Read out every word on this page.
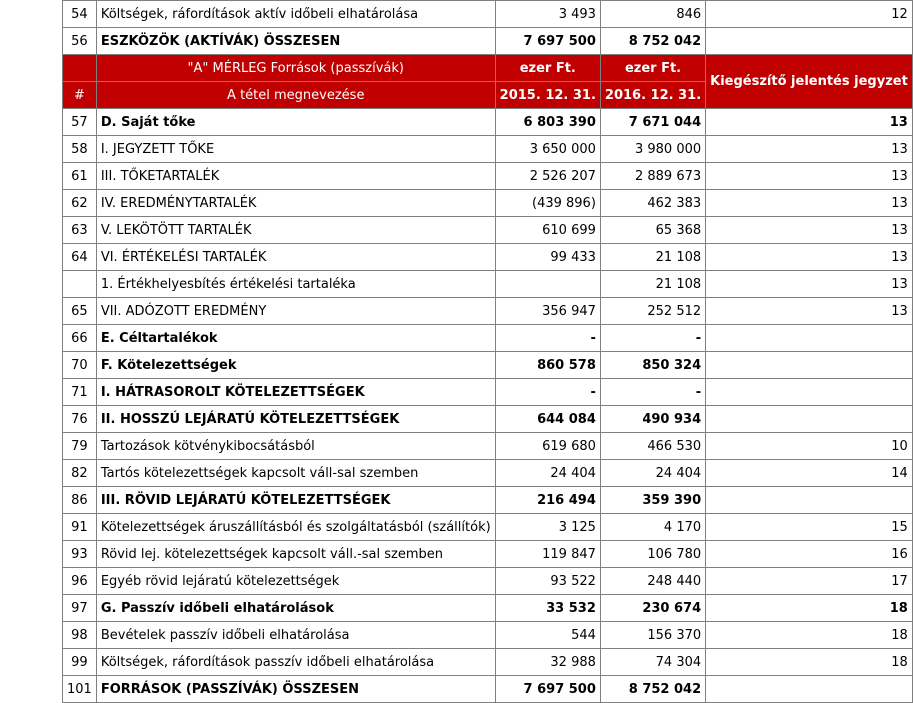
54	Költségek, ráfordítások aktív időbeli elhatárolása	3 493	846	12
56	ESZKÖZÖK (AKTÍVÁK) ÖSSZESEN	7 697 500	8 752 042	
	"A" MÉRLEG Források (passzívák)	ezer Ft.	ezer Ft.	Kiegészítő jelentés jegyzet
#	A tétel megnevezése	2015. 12. 31.	2016. 12. 31.	
57	D. Saját tőke	6 803 390	7 671 044	13
58	I. JEGYZETT TŐKE	3 650 000	3 980 000	13
61	III. TŐKETARTALÉK	2 526 207	2 889 673	13
62	IV. EREDMÉNYTARTALÉK	(439 896)	462 383	13
63	V. LEKÖTÖTT TARTALÉK	610 699	65 368	13
64	VI. ÉRTÉKELÉSI TARTALÉK	99 433	21 108	13
	1. Értékhelyesbítés értékelési tartaléka		21 108	13
65	VII. ADÓZOTT EREDMÉNY	356 947	252 512	13
66	E. Céltartalékok	-	-	
70	F. Kötelezettségek	860 578	850 324	
71	I. HÁTRASOROLT KÖTELEZETTSÉGEK	-	-	
76	II. HOSSZÚ LEJÁRATÚ KÖTELEZETTSÉGEK	644 084	490 934	
79	Tartozások kötvénykibocsátásból	619 680	466 530	10
82	Tartós kötelezettségek kapcsolt váll-sal szemben	24 404	24 404	14
86	III. RÖVID LEJÁRATÚ KÖTELEZETTSÉGEK	216 494	359 390	
91	Kötelezettségek áruszállításból és szolgáltatásból (szállítók)	3 125	4 170	15
93	Rövid lej. kötelezettségek kapcsolt váll.-sal szemben	119 847	106 780	16
96	Egyéb rövid lejáratú kötelezettségek	93 522	248 440	17
97	G. Passzív időbeli elhatárolások	33 532	230 674	18
98	Bevételek passzív időbeli elhatárolása	544	156 370	18
99	Költségek, ráfordítások passzív időbeli elhatárolása	32 988	74 304	18
101	FORRÁSOK (PASSZÍVÁK) ÖSSZESEN	7 697 500	8 752 042	
